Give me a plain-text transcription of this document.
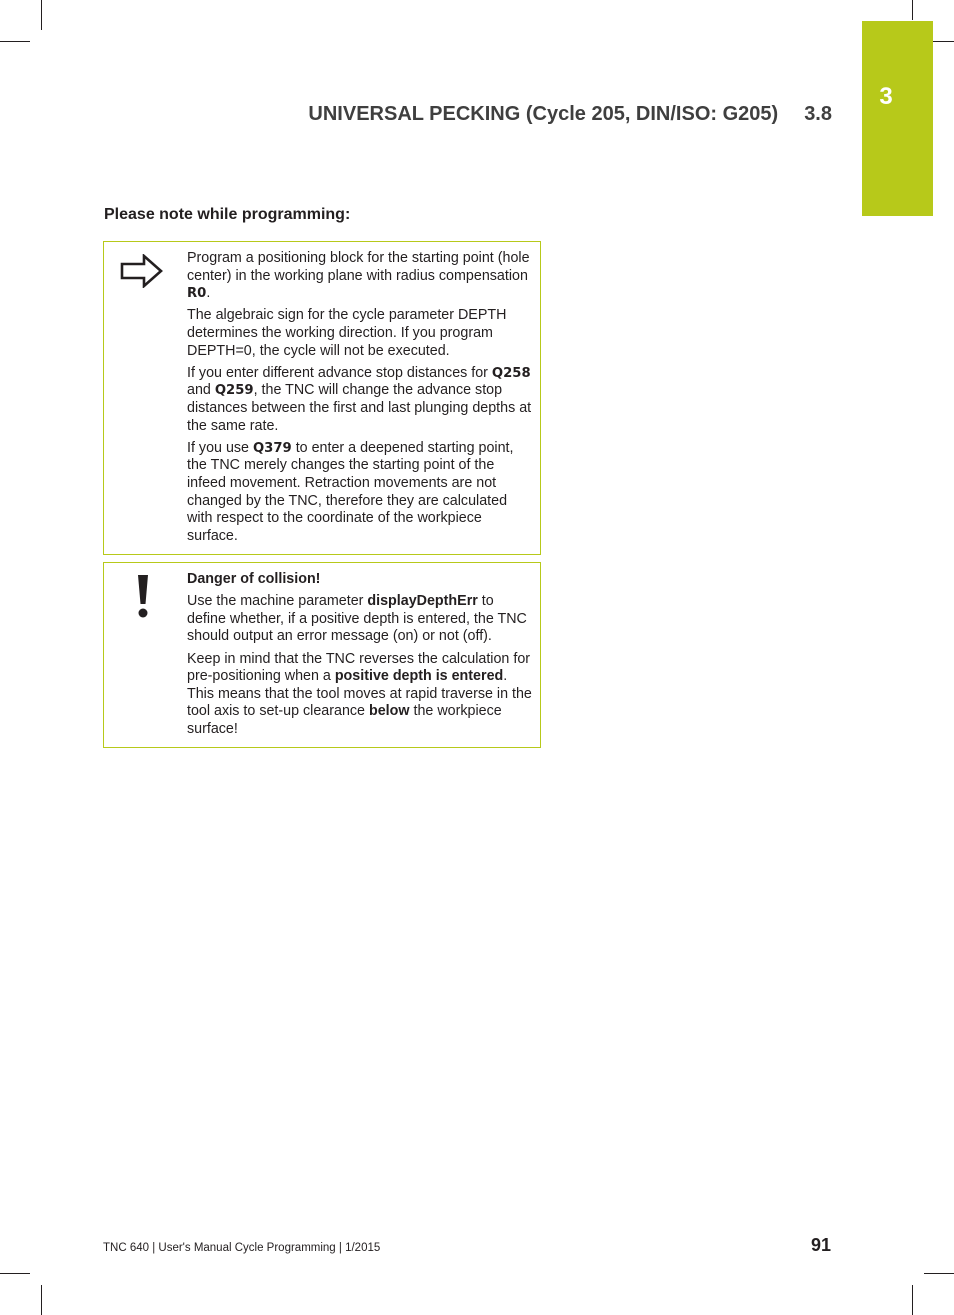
3
UNIVERSAL PECKING (Cycle 205, DIN/ISO: G205) 3.8
Please note while programming:

Program a positioning block for the starting point (hole center) in the working plane with radius compensation R0.

The algebraic sign for the cycle parameter DEPTH determines the working direction. If you program DEPTH=0, the cycle will not be executed.

If you enter different advance stop distances for Q258 and Q259, the TNC will change the advance stop distances between the first and last plunging depths at the same rate.

If you use Q379 to enter a deepened starting point, the TNC merely changes the starting point of the infeed movement. Retraction movements are not changed by the TNC, therefore they are calculated with respect to the coordinate of the workpiece surface.

Danger of collision!

Use the machine parameter displayDepthErr to define whether, if a positive depth is entered, the TNC should output an error message (on) or not (off).

Keep in mind that the TNC reverses the calculation for pre-positioning when a positive depth is entered. This means that the tool moves at rapid traverse in the tool axis to set-up clearance below the workpiece surface!

TNC 640 | User's Manual Cycle Programming | 1/2015	91
